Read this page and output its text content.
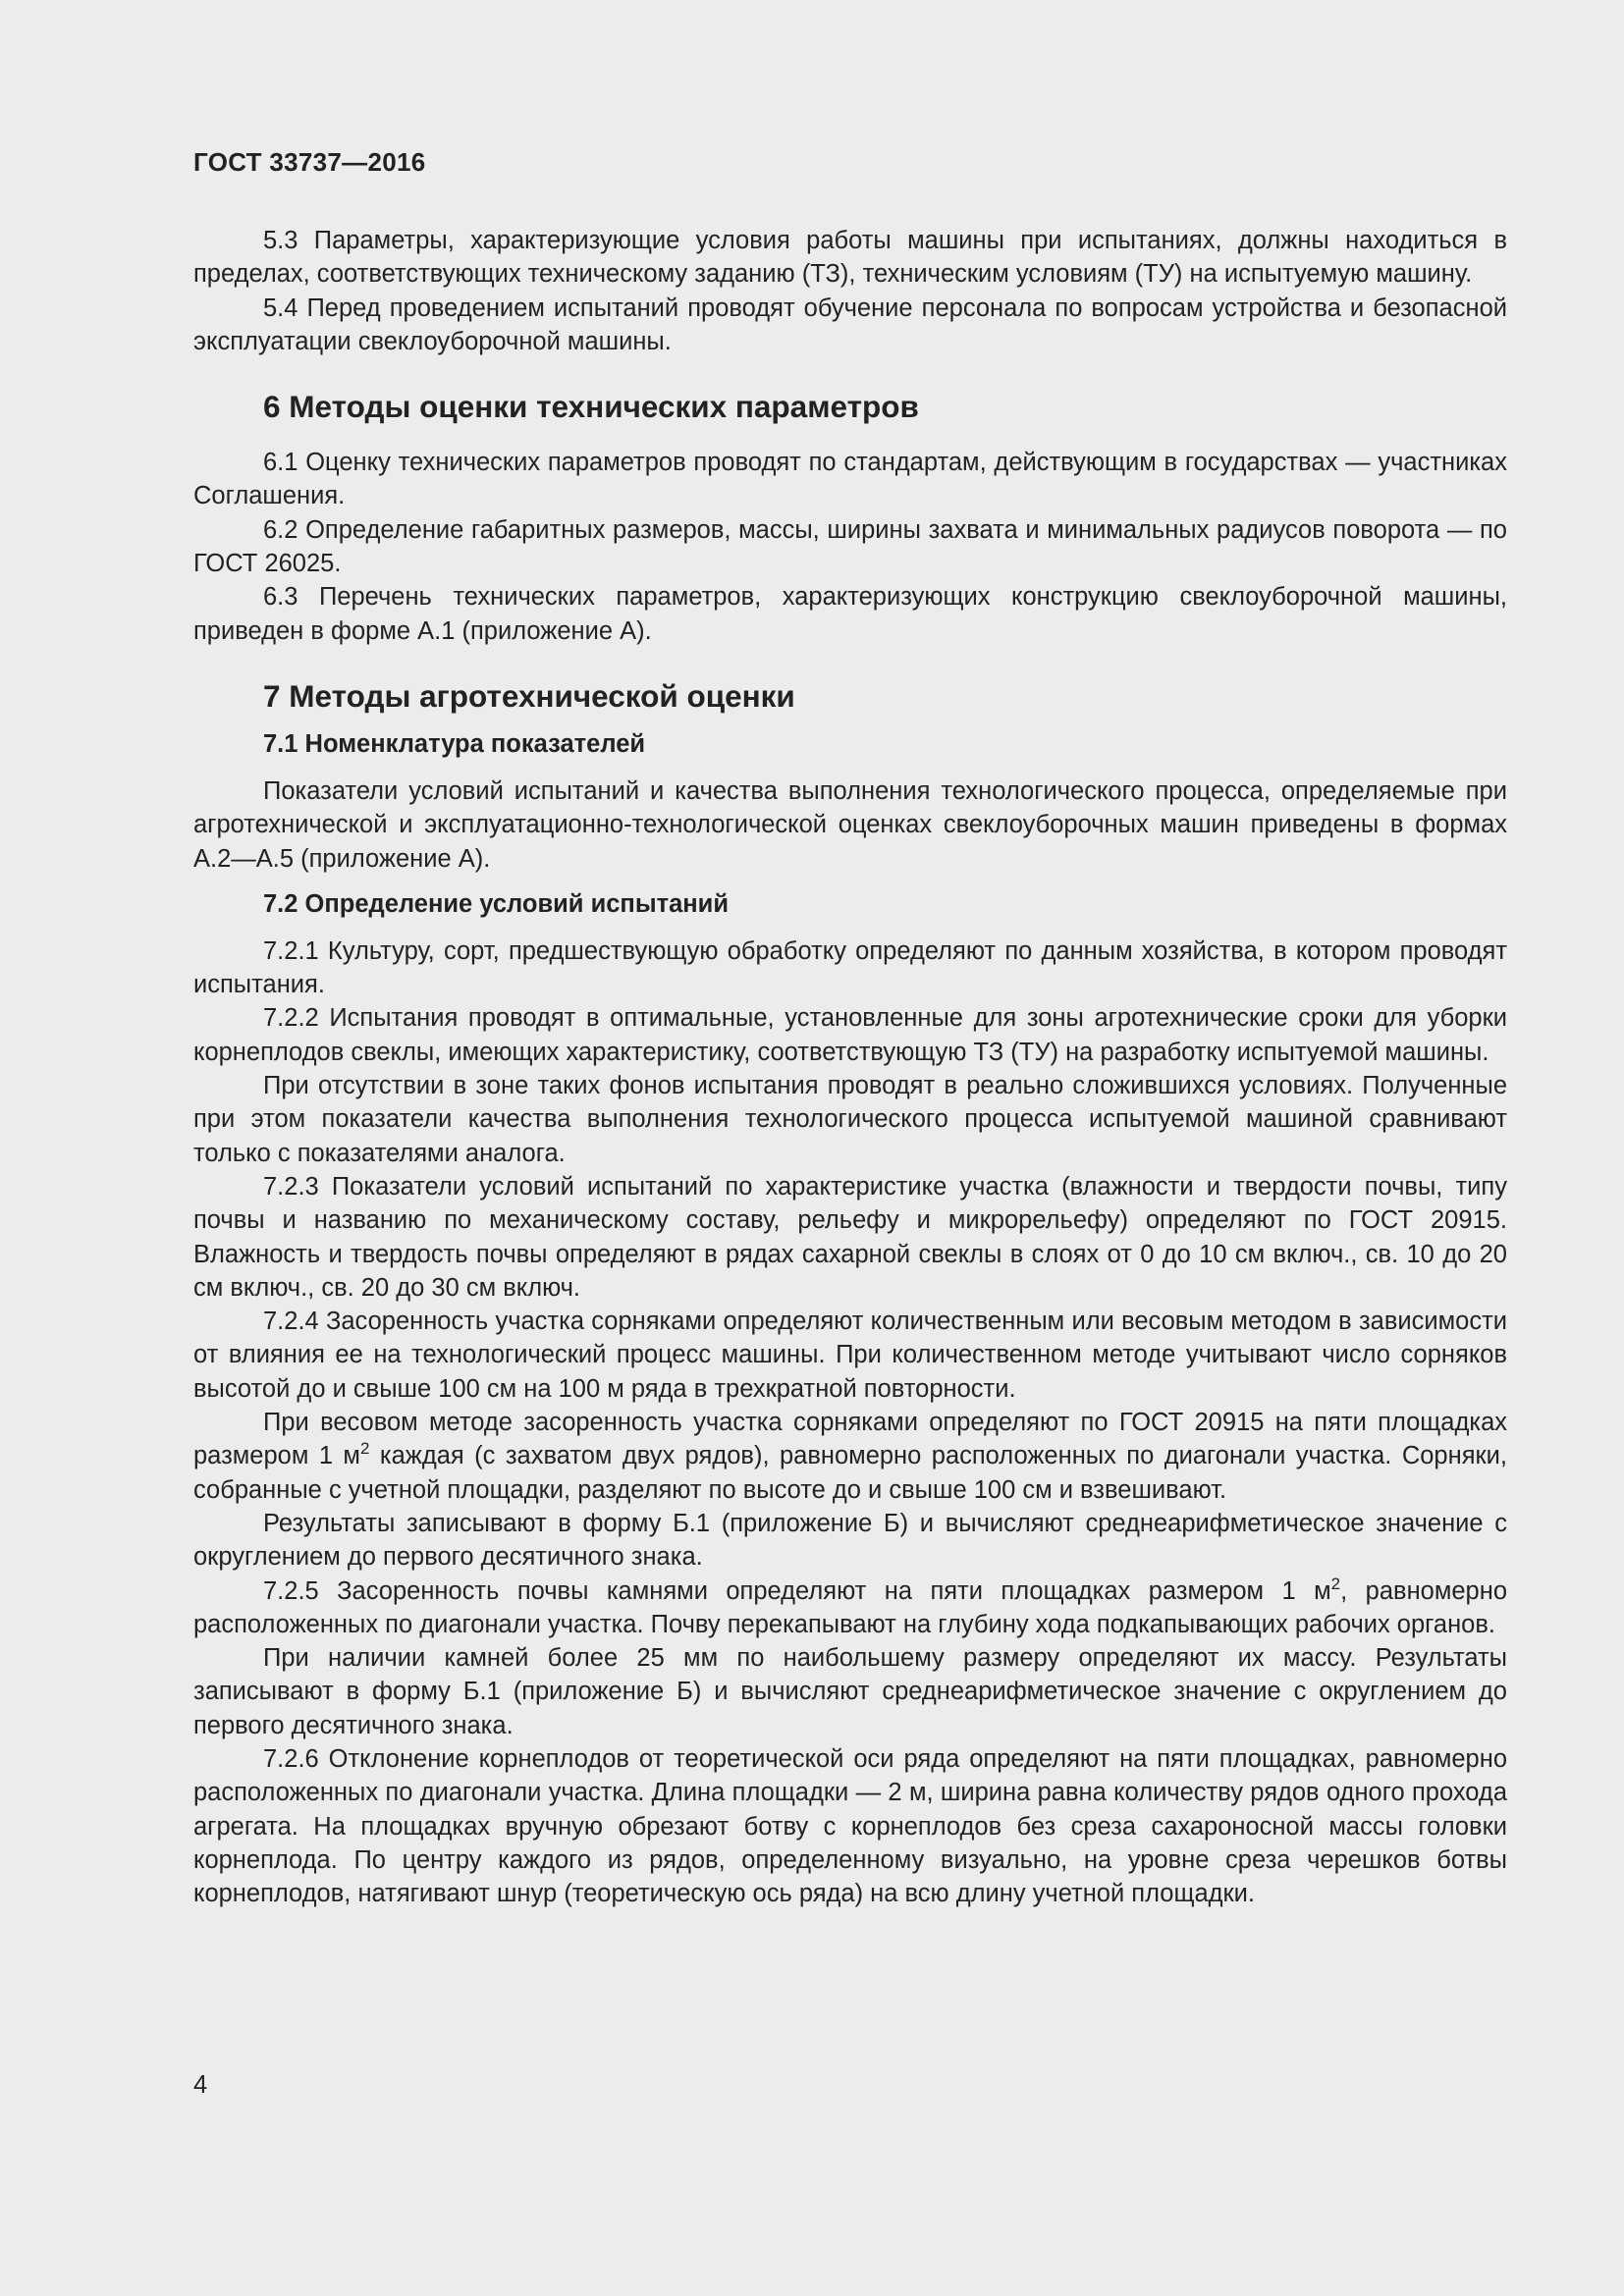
ГОСТ 33737—2016

5.3 Параметры, характеризующие условия работы машины при испытаниях, должны находиться в пределах, соответствующих техническому заданию (ТЗ), техническим условиям (ТУ) на испытуемую машину.

5.4 Перед проведением испытаний проводят обучение персонала по вопросам устройства и безопасной эксплуатации свеклоуборочной машины.

6 Методы оценки технических параметров

6.1 Оценку технических параметров проводят по стандартам, действующим в государствах — участниках Соглашения.

6.2 Определение габаритных размеров, массы, ширины захвата и минимальных радиусов поворота — по ГОСТ 26025.

6.3 Перечень технических параметров, характеризующих конструкцию свеклоуборочной машины, приведен в форме А.1 (приложение А).

7 Методы агротехнической оценки
7.1 Номенклатура показателей

Показатели условий испытаний и качества выполнения технологического процесса, определяемые при агротехнической и эксплуатационно-технологической оценках свеклоуборочных машин приведены в формах А.2—А.5 (приложение А).

7.2 Определение условий испытаний

7.2.1 Культуру, сорт, предшествующую обработку определяют по данным хозяйства, в котором проводят испытания.

7.2.2 Испытания проводят в оптимальные, установленные для зоны агротехнические сроки для уборки корнеплодов свеклы, имеющих характеристику, соответствующую ТЗ (ТУ) на разработку испытуемой машины.

При отсутствии в зоне таких фонов испытания проводят в реально сложившихся условиях. Полученные при этом показатели качества выполнения технологического процесса испытуемой машиной сравнивают только с показателями аналога.

7.2.3 Показатели условий испытаний по характеристике участка (влажности и твердости почвы, типу почвы и названию по механическому составу, рельефу и микрорельефу) определяют по ГОСТ 20915. Влажность и твердость почвы определяют в рядах сахарной свеклы в слоях от 0 до 10 см включ., св. 10 до 20 см включ., св. 20 до 30 см включ.

7.2.4 Засоренность участка сорняками определяют количественным или весовым методом в зависимости от влияния ее на технологический процесс машины. При количественном методе учитывают число сорняков высотой до и свыше 100 см на 100 м ряда в трехкратной повторности.

При весовом методе засоренность участка сорняками определяют по ГОСТ 20915 на пяти площадках размером 1 $м^2$ каждая (с захватом двух рядов), равномерно расположенных по диагонали участка. Сорняки, собранные с учетной площадки, разделяют по высоте до и свыше 100 см и взвешивают.

Результаты записывают в форму Б.1 (приложение Б) и вычисляют среднеарифметическое значение с округлением до первого десятичного знака.

7.2.5 Засоренность почвы камнями определяют на пяти площадках размером 1 $м^2$, равномерно расположенных по диагонали участка. Почву перекапывают на глубину хода подкапывающих рабочих органов.

При наличии камней более 25 мм по наибольшему размеру определяют их массу. Результаты записывают в форму Б.1 (приложение Б) и вычисляют среднеарифметическое значение с округлением до первого десятичного знака.

7.2.6 Отклонение корнеплодов от теоретической оси ряда определяют на пяти площадках, равномерно расположенных по диагонали участка. Длина площадки — 2 м, ширина равна количеству рядов одного прохода агрегата. На площадках вручную обрезают ботву с корнеплодов без среза сахароносной массы головки корнеплода. По центру каждого из рядов, определенному визуально, на уровне среза черешков ботвы корнеплодов, натягивают шнур (теоретическую ось ряда) на всю длину учетной площадки.

4
